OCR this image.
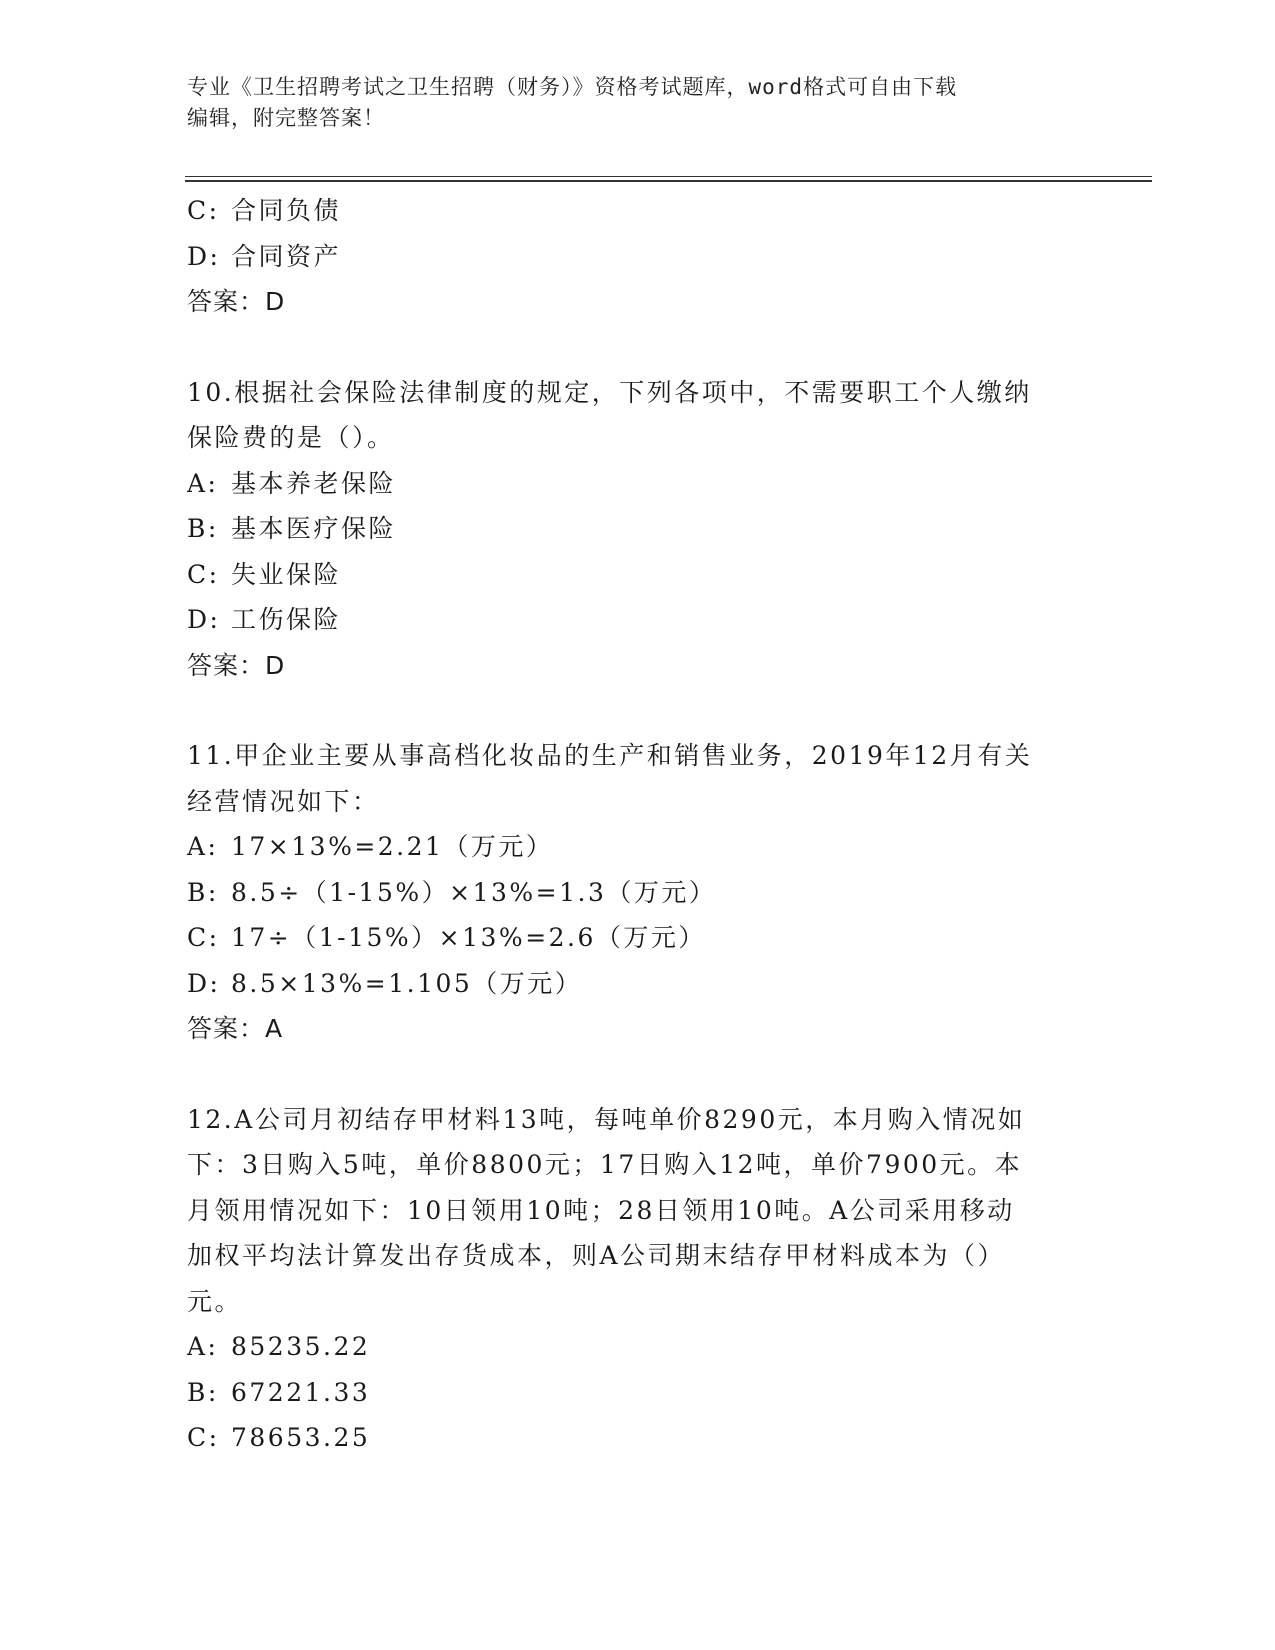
专业《卫生招聘考试之卫生招聘（财务）》资格考试题库，word格式可自由下载
编辑，附完整答案！
C: 合同负债
D: 合同资产
答案：D
10.根据社会保险法律制度的规定，下列各项中，不需要职工个人缴纳
保险费的是（）。
A: 基本养老保险
B: 基本医疗保险
C: 失业保险
D: 工伤保险
答案：D
11.甲企业主要从事高档化妆品的生产和销售业务，2019年12月有关
经营情况如下：
A: 17×13%=2.21（万元）
B: 8.5÷（1-15%）×13%=1.3（万元）
C: 17÷（1-15%）×13%=2.6（万元）
D: 8.5×13%=1.105（万元）
答案：A
12.A公司月初结存甲材料13吨，每吨单价8290元，本月购入情况如
下：3日购入5吨，单价8800元；17日购入12吨，单价7900元。本
月领用情况如下：10日领用10吨；28日领用10吨。A公司采用移动
加权平均法计算发出存货成本，则A公司期末结存甲材料成本为（）
元。
A: 85235.22
B: 67221.33
C: 78653.25
